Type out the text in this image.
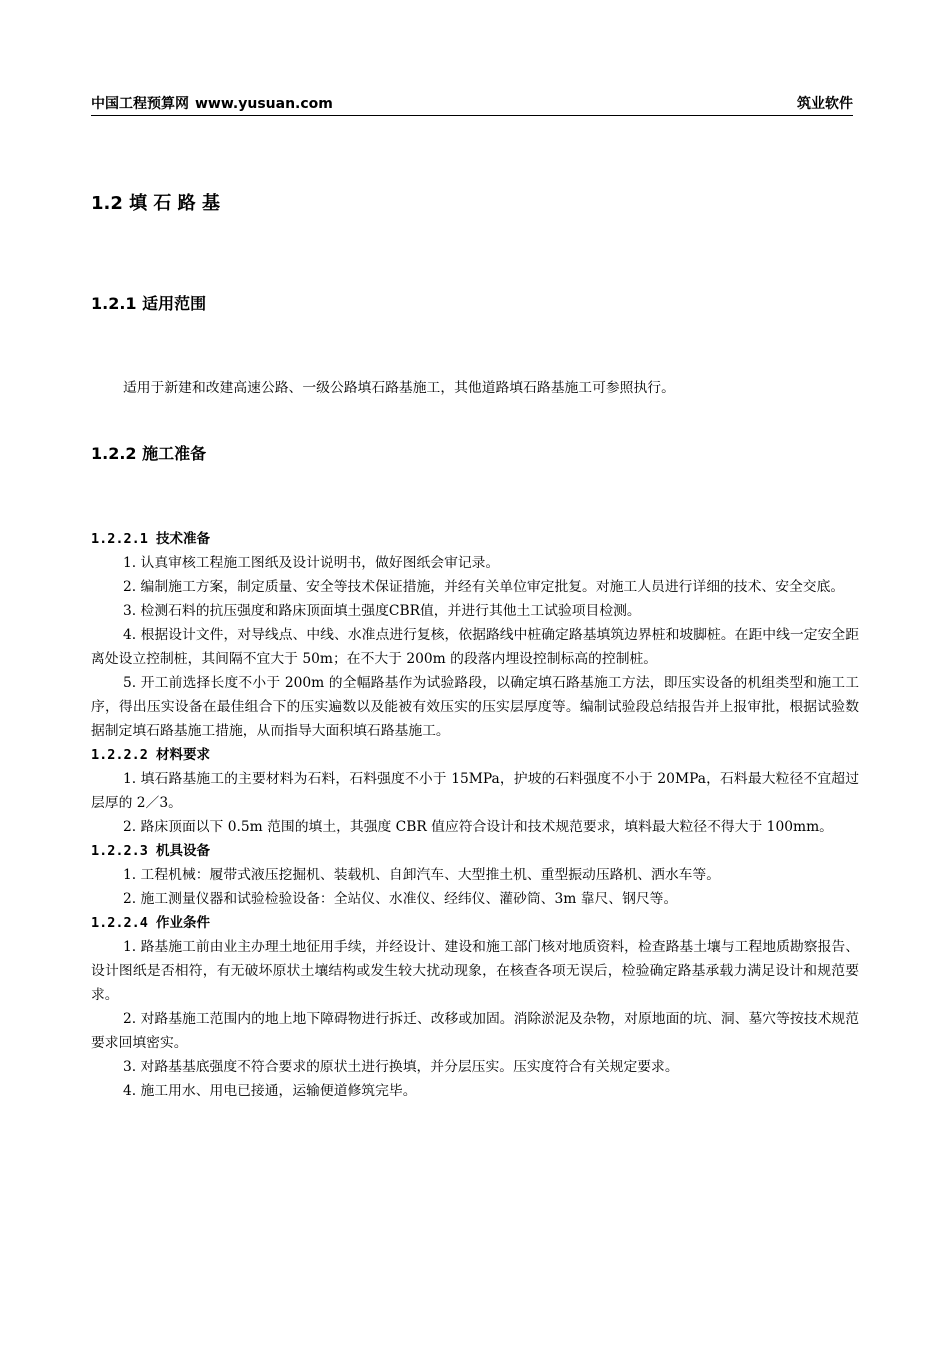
中国工程预算网 www.yusuan.com	筑业软件
1.2 填 石 路 基
1.2.1 适用范围

适用于新建和改建高速公路、一级公路填石路基施工，其他道路填石路基施工可参照执行。

1.2.2 施工准备

1.2.2.1 技术准备

1. 认真审核工程施工图纸及设计说明书，做好图纸会审记录。

2. 编制施工方案，制定质量、安全等技术保证措施，并经有关单位审定批复。对施工人员进行详细的技术、安全交底。

3. 检测石料的抗压强度和路床顶面填土强度CBR值，并进行其他土工试验项目检测。

4. 根据设计文件，对导线点、中线、水准点进行复核，依据路线中桩确定路基填筑边界桩和坡脚桩。在距中线一定安全距离处设立控制桩，其间隔不宜大于 50m；在不大于 200m 的段落内埋设控制标高的控制桩。

5. 开工前选择长度不小于 200m 的全幅路基作为试验路段，以确定填石路基施工方法，即压实设备的机组类型和施工工序，得出压实设备在最佳组合下的压实遍数以及能被有效压实的压实层厚度等。编制试验段总结报告并上报审批，根据试验数据制定填石路基施工措施，从而指导大面积填石路基施工。

1.2.2.2 材料要求

1. 填石路基施工的主要材料为石料，石料强度不小于 15MPa，护坡的石料强度不小于 20MPa，石料最大粒径不宜超过层厚的 2／3。

2. 路床顶面以下 0.5m 范围的填土，其强度 CBR 值应符合设计和技术规范要求，填料最大粒径不得大于 100mm。

1.2.2.3 机具设备

1. 工程机械：履带式液压挖掘机、装载机、自卸汽车、大型推土机、重型振动压路机、洒水车等。

2. 施工测量仪器和试验检验设备：全站仪、水准仪、经纬仪、灌砂筒、3m 靠尺、钢尺等。

1.2.2.4 作业条件

1. 路基施工前由业主办理土地征用手续，并经设计、建设和施工部门核对地质资料，检查路基土壤与工程地质勘察报告、设计图纸是否相符，有无破坏原状土壤结构或发生较大扰动现象，在核查各项无误后，检验确定路基承载力满足设计和规范要求。

2. 对路基施工范围内的地上地下障碍物进行拆迁、改移或加固。消除淤泥及杂物，对原地面的坑、洞、墓穴等按技术规范要求回填密实。

3. 对路基基底强度不符合要求的原状土进行换填，并分层压实。压实度符合有关规定要求。

4. 施工用水、用电已接通，运输便道修筑完毕。
